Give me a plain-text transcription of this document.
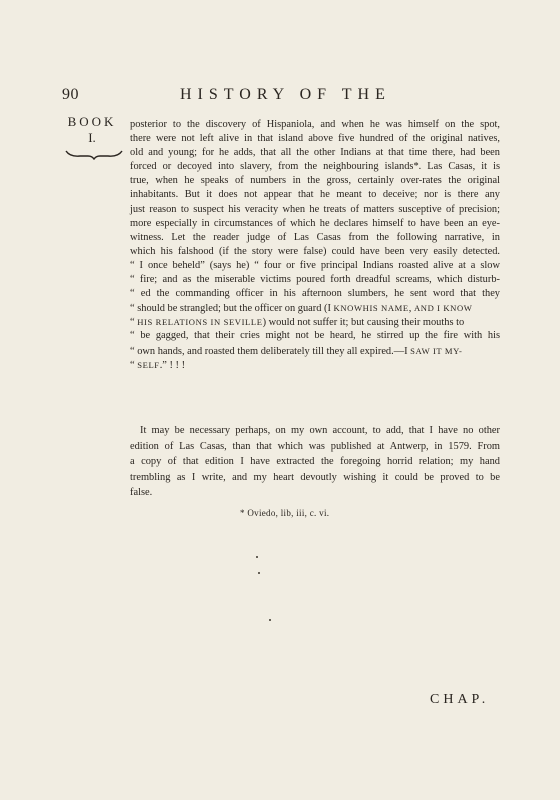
90	HISTORY OF THE
BOOK
I.
posterior to the discovery of Hispaniola, and when he was himself on the spot,
there were not left alive in that island above five hundred of the original natives,
old and young; for he adds, that all the other Indians at that time there, had been
forced or decoyed into slavery, from the neighbouring islands*. Las Casas, it is
true, when he speaks of numbers in the gross, certainly over-rates the original
inhabitants. But it does not appear that he meant to deceive; nor is there any
just reason to suspect his veracity when he treats of matters susceptive of precision;
more especially in circumstances of which he declares himself to have been an eye-
witness. Let the reader judge of Las Casas from the following narrative, in
which his falshood (if the story were false) could have been very easily detected.
“ I once beheld” (says he) “ four or five principal Indians roasted alive at a slow
“ fire; and as the miserable victims poured forth dreadful screams, which disturb-
“ ed the commanding officer in his afternoon slumbers, he sent word that they
“ should be strangled; but the officer on guard (I KNOWHIS NAME, AND I KNOW
“ HIS RELATIONS IN SEVILLE) would not suffer it; but causing their mouths to
“ be gagged, that their cries might not be heard, he stirred up the fire with his
“ own hands, and roasted them deliberately till they all expired.—I SAW IT MY-
“ SELF.” ! ! !
It may be necessary perhaps, on my own account, to add, that I have no other
edition of Las Casas, than that which was published at Antwerp, in 1579. From
a copy of that edition I have extracted the foregoing horrid relation; my hand
trembling as I write, and my heart devoutly wishing it could be proved to be
false.
* Oviedo, lib, iii, c. vi.
CHAP.
